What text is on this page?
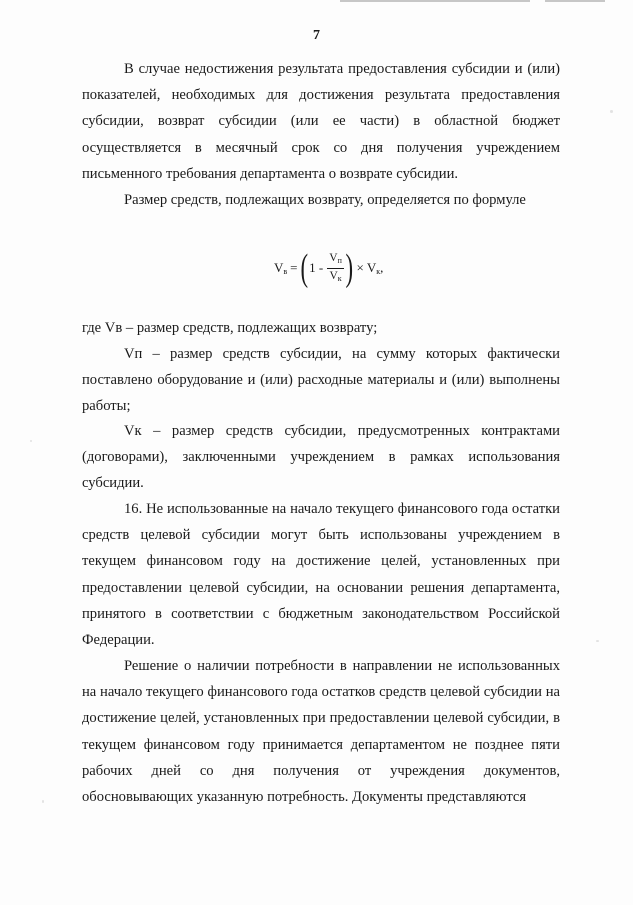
7

В случае недостижения результата предоставления субсидии и (или) показателей, необходимых для достижения результата предоставления субсидии, возврат субсидии (или ее части) в областной бюджет осуществляется в месячный срок со дня получения учреждением письменного требования департамента о возврате субсидии.

Размер средств, подлежащих возврату, определяется по формуле

$V_в$ = ( $1 - \frac{V_п}{V_к}$ ) × $V_к$ ,

где Vв – размер средств, подлежащих возврату;

Vп – размер средств субсидии, на сумму которых фактически поставлено оборудование и (или) расходные материалы и (или) выполнены работы;

Vк – размер средств субсидии, предусмотренных контрактами (договорами), заключенными учреждением в рамках использования субсидии.

16. Не использованные на начало текущего финансового года остатки средств целевой субсидии могут быть использованы учреждением в текущем финансовом году на достижение целей, установленных при предоставлении целевой субсидии, на основании решения департамента, принятого в соответствии с бюджетным законодательством Российской Федерации.

Решение о наличии потребности в направлении не использованных на начало текущего финансового года остатков средств целевой субсидии на достижение целей, установленных при предоставлении целевой субсидии, в текущем финансовом году принимается департаментом не позднее пяти рабочих дней со дня получения от учреждения документов, обосновывающих указанную потребность. Документы представляются
